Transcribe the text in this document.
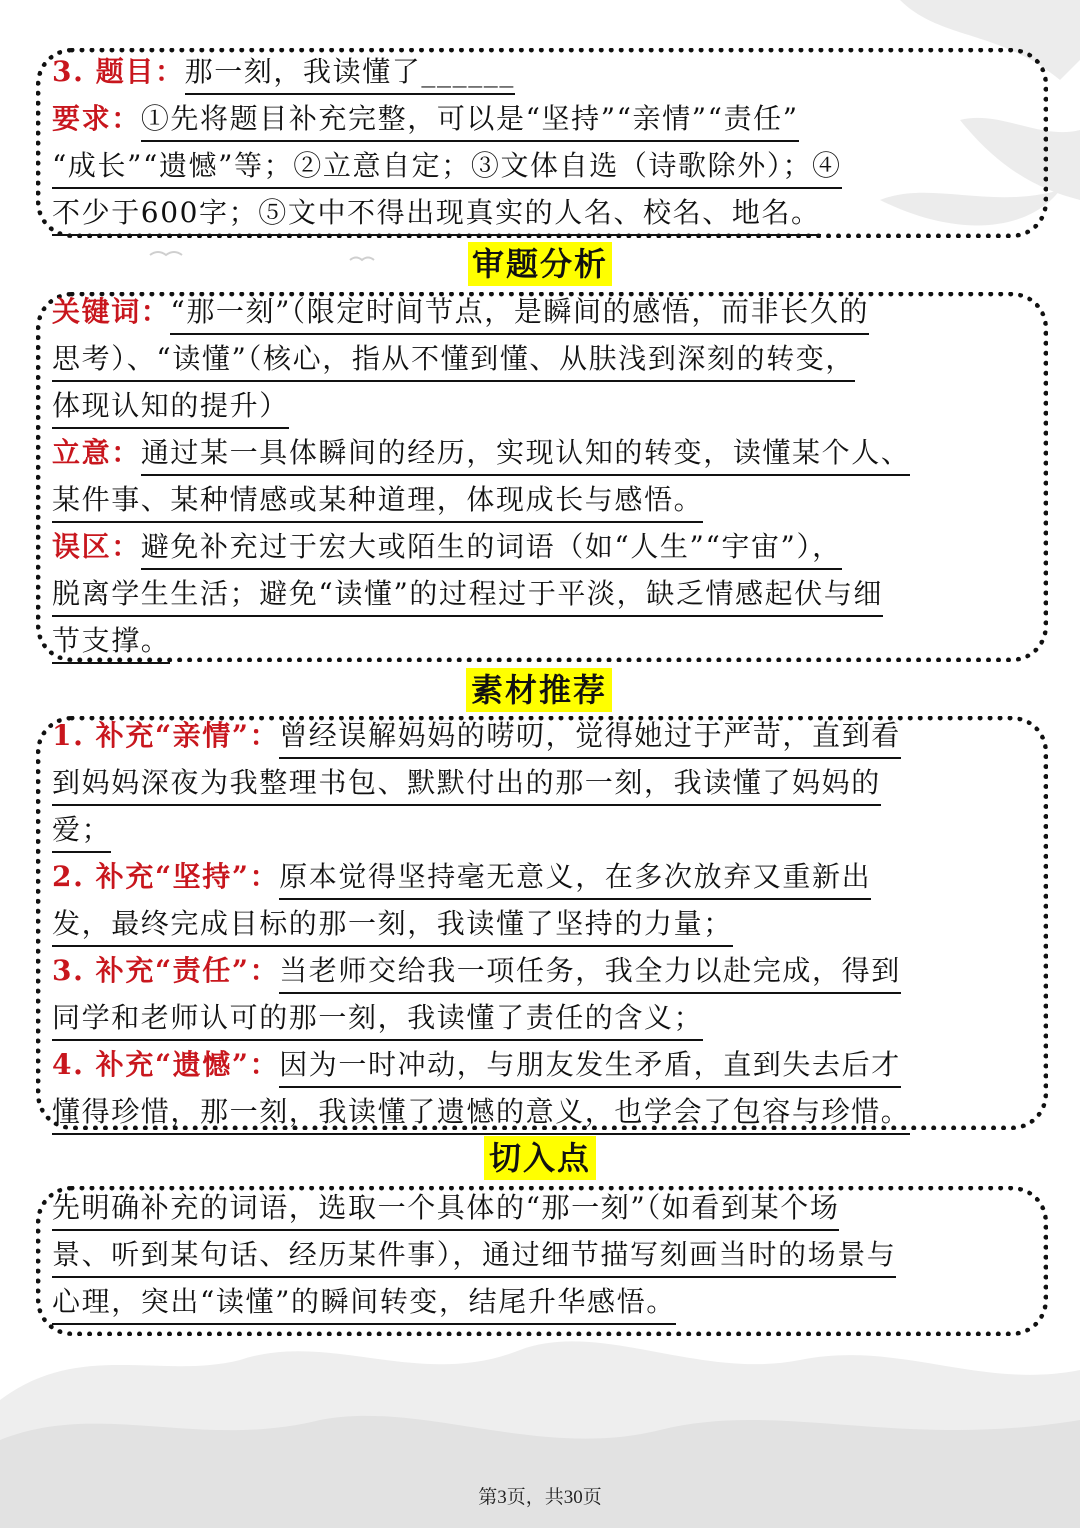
3. 题目：那一刻，我读懂了______
要求：①先将题目补充完整，可以是“坚持”“亲情”“责任”
“成长”“遗憾”等；②立意自定；③文体自选（诗歌除外）；④
不少于600字；⑤文中不得出现真实的人名、校名、地名。
审题分析
关键词：“那一刻”（限定时间节点，是瞬间的感悟，而非长久的
思考）、“读懂”（核心，指从不懂到懂、从肤浅到深刻的转变，
体现认知的提升）
立意：通过某一具体瞬间的经历，实现认知的转变，读懂某个人、
某件事、某种情感或某种道理，体现成长与感悟。
误区：避免补充过于宏大或陌生的词语（如“人生”“宇宙”），
脱离学生生活；避免“读懂”的过程过于平淡，缺乏情感起伏与细
节支撑。
素材推荐
1. 补充“亲情”：曾经误解妈妈的唠叨，觉得她过于严苛，直到看
到妈妈深夜为我整理书包、默默付出的那一刻，我读懂了妈妈的
爱；
2. 补充“坚持”：原本觉得坚持毫无意义，在多次放弃又重新出
发，最终完成目标的那一刻，我读懂了坚持的力量；
3. 补充“责任”：当老师交给我一项任务，我全力以赴完成，得到
同学和老师认可的那一刻，我读懂了责任的含义；
4. 补充“遗憾”：因为一时冲动，与朋友发生矛盾，直到失去后才
懂得珍惜，那一刻，我读懂了遗憾的意义，也学会了包容与珍惜。
切入点
先明确补充的词语，选取一个具体的“那一刻”（如看到某个场
景、听到某句话、经历某件事），通过细节描写刻画当时的场景与
心理，突出“读懂”的瞬间转变，结尾升华感悟。
第3页，共30页
